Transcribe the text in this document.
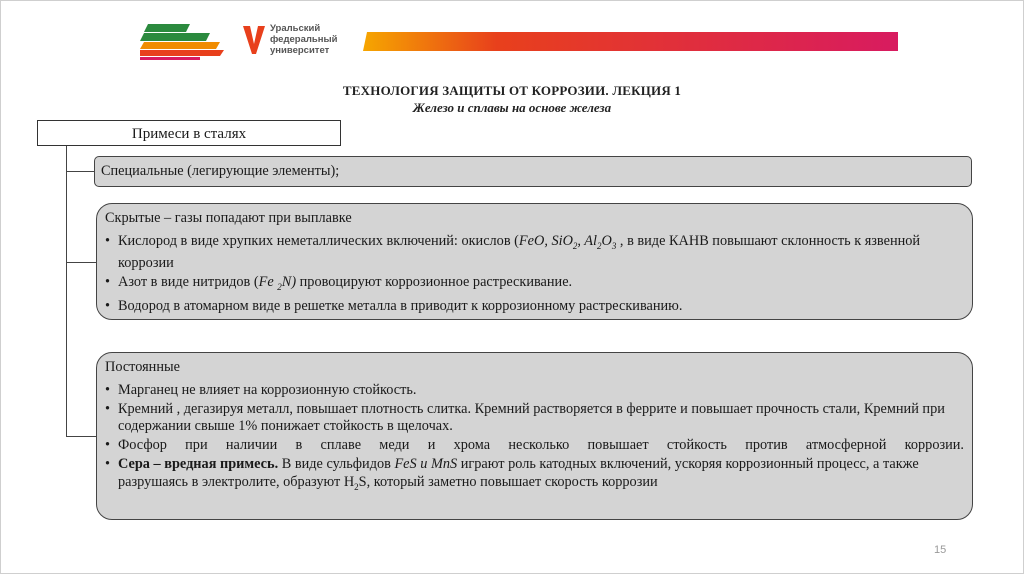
Уральский
федеральный
университет
ТЕХНОЛОГИЯ ЗАЩИТЫ ОТ КОРРОЗИИ. ЛЕКЦИЯ 1
Железо и сплавы на основе железа
Примеси в сталях
Специальные (легирующие элементы);
Скрытые – газы попадают при выплавке
• Кислород в виде хрупких неметаллических включений: окислов (FeO, SiO$_2$, $Al_2O_3$ , в виде КАНВ повышают склонность к язвенной коррозии
• Азот в виде нитридов (Fe $_2$N) провоцируют коррозионное растрескивание.
• Водород в атомарном виде в решетке металла в приводит к коррозионному растрескиванию.
Постоянные
• Марганец не влияет на коррозионную стойкость.
• Кремний , дегазируя металл, повышает плотность слитка. Кремний растворяется в феррите и повышает прочность стали, Кремний при содержании свыше 1% понижает стойкость в щелочах.
• Фосфор при наличии в сплаве меди и хрома несколько повышает стойкость против атмосферной коррозии.
• Сера – вредная примесь. В виде сульфидов FeS и MnS играют роль катодных включений, ускоряя коррозионный процесс, а также разрушаясь в электролите, образуют $H_2S$, который заметно повышает скорость коррозии
15
